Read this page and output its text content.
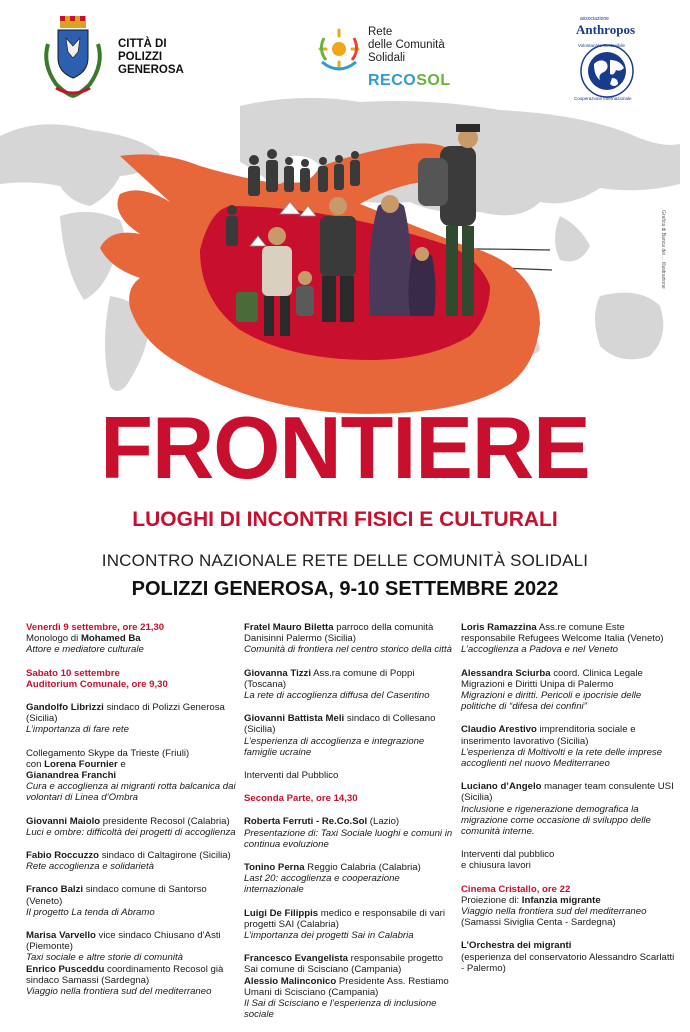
CITTÀ DI
POLIZZI
GENEROSA
Rete
delle Comunità
Solidali
RECOSOL
associazione
Anthropos
Volontariato Sostenibile
Cooperazione Internazionale
Grafica di Banca dei ... Illustrazione
FRONTIERE
LUOGHI DI INCONTRI FISICI E CULTURALI
INCONTRO NAZIONALE RETE DELLE COMUNITÀ SOLIDALI
POLIZZI GENEROSA, 9-10 SETTEMBRE 2022
Venerdì 9 settembre, ore 21,30
Monologo di Mohamed Ba
Attore e mediatore culturale
Sabato 10 settembre
Auditorium Comunale, ore 9,30
Gandolfo Librizzi sindaco di Polizzi Generosa (Sicilia)
L’importanza di fare rete
Collegamento Skype da Trieste (Friuli)
con Lorena Fournier e
Gianandrea Franchi
Cura e accoglienza ai migranti rotta balcanica dai volontari di Linea d’Ombra
Giovanni Maiolo presidente Recosol (Calabria)
Luci e ombre: difficoltà dei progetti di accoglienza
Fabio Roccuzzo sindaco di Caltagirone (Sicilia)
Rete accoglienza e solidarietà
Franco Balzi sindaco comune di Santorso (Veneto)
Il progetto La tenda di Abramo
Marisa Varvello vice sindaco Chiusano d’Asti (Piemonte)
Taxi sociale e altre storie di comunità
Enrico Pusceddu coordinamento Recosol già sindaco Samassi (Sardegna)
Viaggio nella frontiera sud del mediterraneo
Fratel Mauro Biletta parroco della comunità Danisinni Palermo (Sicilia)
Comunità di frontiera nel centro storico della città
Giovanna Tizzi Ass.ra comune di Poppi (Toscana)
La rete di accoglienza diffusa del Casentino
Giovanni Battista Meli sindaco di Collesano (Sicilia)
L’esperienza di accoglienza e integrazione famiglie ucraine
Interventi dal Pubblico
Seconda Parte, ore 14,30
Roberta Ferruti - Re.Co.Sol (Lazio)
Presentazione di: Taxi Sociale luoghi e comuni in continua evoluzione
Tonino Perna Reggio Calabria (Calabria)
Last 20: accoglienza e cooperazione internazionale
Luigi De Filippis medico e responsabile di vari progetti SAI (Calabria)
L’importanza dei progetti Sai in Calabria
Francesco Evangelista responsabile progetto Sai comune di Scisciano (Campania)
Alessio Malinconico Presidente Ass. Restiamo Umani di Scisciano (Campania)
Il Sai di Scisciano e l’esperienza di inclusione sociale
Loris Ramazzina Ass.re comune Este responsabile Refugees Welcome Italia (Veneto)
L’accoglienza a Padova e nel Veneto
Alessandra Sciurba coord. Clinica Legale Migrazioni e Diritti Unipa di Palermo
Migrazioni e diritti. Pericoli e ipocrisie delle politiche di “difesa dei confini”
Claudio Arestivo imprenditoria sociale e inserimento lavorativo (Sicilia)
L’esperienza di Moltivolti e la rete delle imprese accoglienti nel nuovo Mediterraneo
Luciano d’Angelo manager team consulente USI (Sicilia)
Inclusione e rigenerazione demografica la migrazione come occasione di sviluppo delle comunità interne.
Interventi dal pubblico
e chiusura lavori
Cinema Cristallo, ore 22
Proiezione di: Infanzia migrante
Viaggio nella frontiera sud del mediterraneo
(Samassi Siviglia Centa - Sardegna)
L’Orchestra dei migranti
(esperienza del conservatorio Alessandro Scarlatti - Palermo)
